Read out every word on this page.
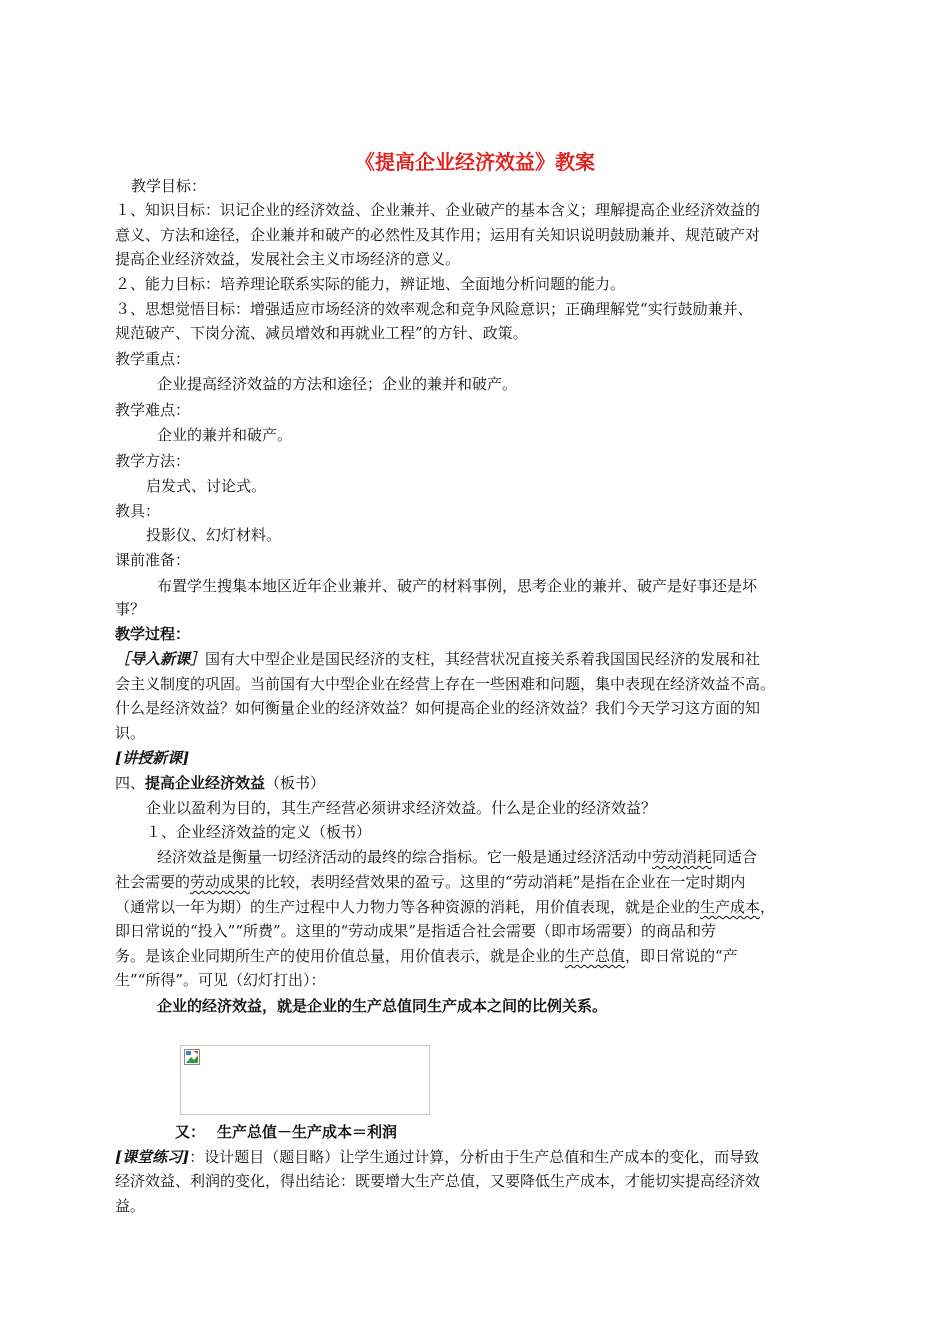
《提高企业经济效益》教案
教学目标：
１、知识目标：识记企业的经济效益、企业兼并、企业破产的基本含义；理解提高企业经济效益的
意义、方法和途径，企业兼并和破产的必然性及其作用；运用有关知识说明鼓励兼并、规范破产对
提高企业经济效益，发展社会主义市场经济的意义。
２、能力目标：培养理论联系实际的能力，辨证地、全面地分析问题的能力。
３、思想觉悟目标：增强适应市场经济的效率观念和竞争风险意识；正确理解党“实行鼓励兼并、
规范破产、下岗分流、减员增效和再就业工程”的方针、政策。
教学重点：
企业提高经济效益的方法和途径；企业的兼并和破产。
教学难点：
企业的兼并和破产。
教学方法：
启发式、讨论式。
教具：
投影仪、幻灯材料。
课前准备：
布置学生搜集本地区近年企业兼并、破产的材料事例，思考企业的兼并、破产是好事还是坏
事？
教学过程：
［导入新课］国有大中型企业是国民经济的支柱，其经营状况直接关系着我国国民经济的发展和社
会主义制度的巩固。当前国有大中型企业在经营上存在一些困难和问题，集中表现在经济效益不高。
什么是经济效益？如何衡量企业的经济效益？如何提高企业的经济效益？我们今天学习这方面的知
识。
[讲授新课]
四、提高企业经济效益（板书）
企业以盈利为目的，其生产经营必须讲求经济效益。什么是企业的经济效益？
１、企业经济效益的定义（板书）
经济效益是衡量一切经济活动的最终的综合指标。它一般是通过经济活动中劳动消耗同适合
社会需要的劳动成果的比较，表明经营效果的盈亏。这里的“劳动消耗”是指在企业在一定时期内
（通常以一年为期）的生产过程中人力物力等各种资源的消耗，用价值表现，就是企业的生产成本，
即日常说的“投入”“所费”。这里的“劳动成果”是指适合社会需要（即市场需要）的商品和劳
务。是该企业同期所生产的使用价值总量，用价值表示，就是企业的生产总值，即日常说的“产
生”“所得”。可见（幻灯打出）：
企业的经济效益，就是企业的生产总值同生产成本之间的比例关系。
又： 生产总值－生产成本＝利润
[课堂练习]：设计题目（题目略）让学生通过计算，分析由于生产总值和生产成本的变化，而导致
经济效益、利润的变化，得出结论：既要增大生产总值，又要降低生产成本，才能切实提高经济效
益。
